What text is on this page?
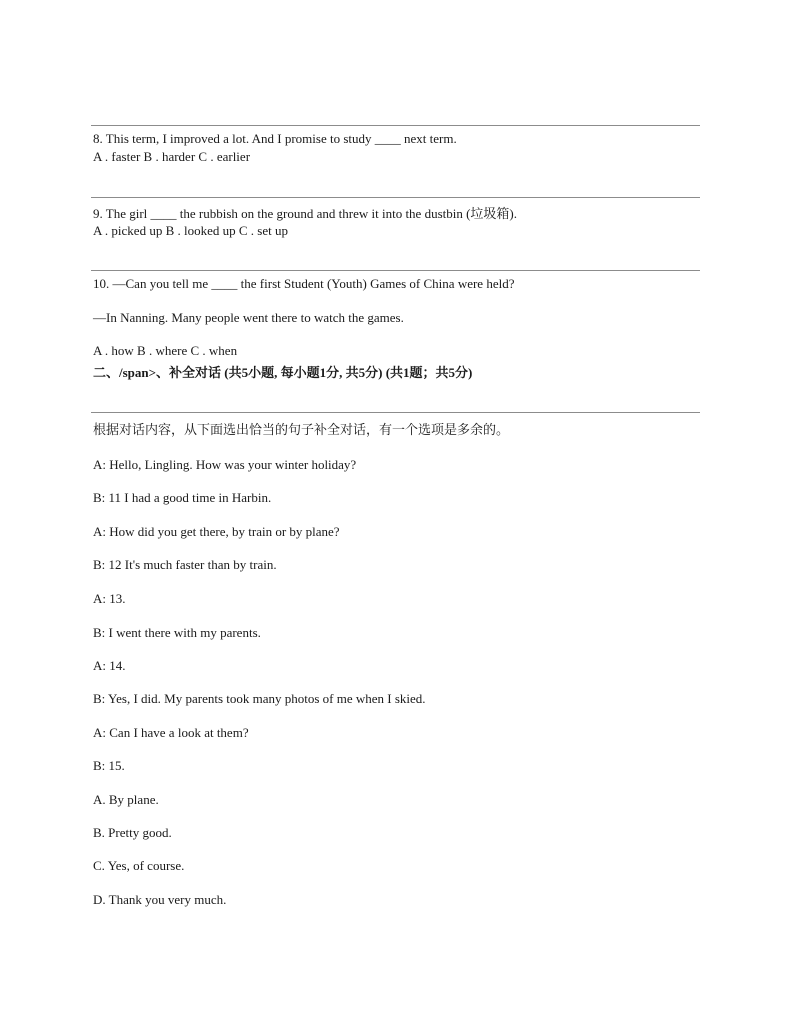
8. This term, I improved a lot. And I promise to study ____ next term.
A . faster B . harder C . earlier
9. The girl ____ the rubbish on the ground and threw it into the dustbin (垃圾箱).
A . picked up B . looked up C . set up
10. —Can you tell me ____ the first Student (Youth) Games of China were held?
—In Nanning. Many people went there to watch the games.
A . how B . where C . when
二、/span>、补全对话 (共5小题, 每小题1分, 共5分) (共1题；共5分)
根据对话内容，从下面选出恰当的句子补全对话，有一个选项是多余的。
A: Hello, Lingling. How was your winter holiday?
B: 11 I had a good time in Harbin.
A: How did you get there, by train or by plane?
B: 12 It's much faster than by train.
A: 13.
B: I went there with my parents.
A: 14.
B: Yes, I did. My parents took many photos of me when I skied.
A: Can I have a look at them?
B: 15.
A. By plane.
B. Pretty good.
C. Yes, of course.
D. Thank you very much.
